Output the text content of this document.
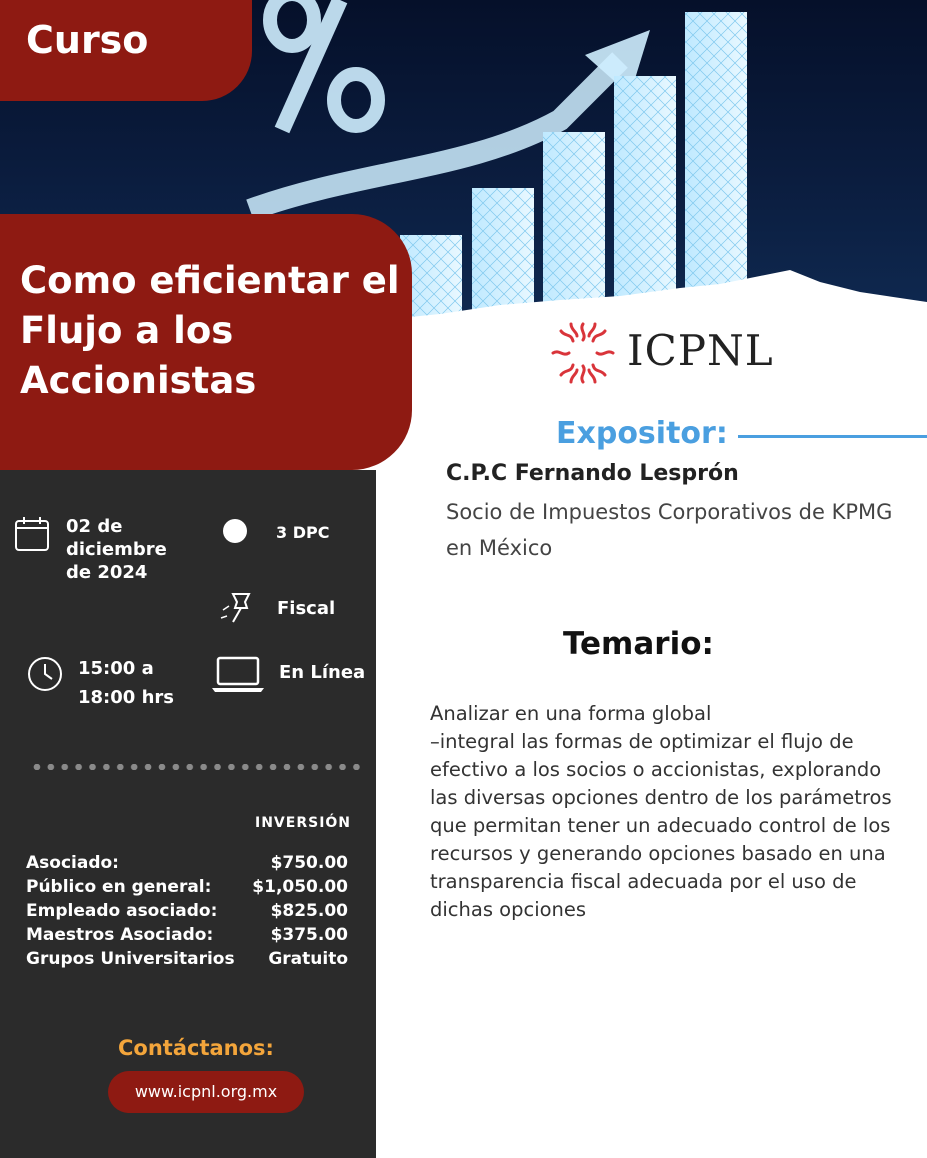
Curso
Como eficientar el Flujo a los Accionistas
02 de diciembre de 2024
3 DPC
Fiscal
15:00 a 18:00 hrs
En Línea
INVERSIÓN
Asociado:	$750.00
Público en general: $1,050.00
Empleado asociado:	$825.00
Maestros Asociado:	$375.00
Grupos Universitarios Gratuito
Contáctanos:
www.icpnl.org.mx
ICPNL
Expositor:
C.P.C Fernando Lesprón
Socio de Impuestos Corporativos de KPMG en México
Temario:
Analizar en una forma global
–integral las formas de optimizar el flujo de efectivo a los socios o accionistas, explorando las diversas opciones dentro de los parámetros que permitan tener un adecuado control de los recursos y generando opciones basado en una transparencia fiscal adecuada por el uso de dichas opciones
